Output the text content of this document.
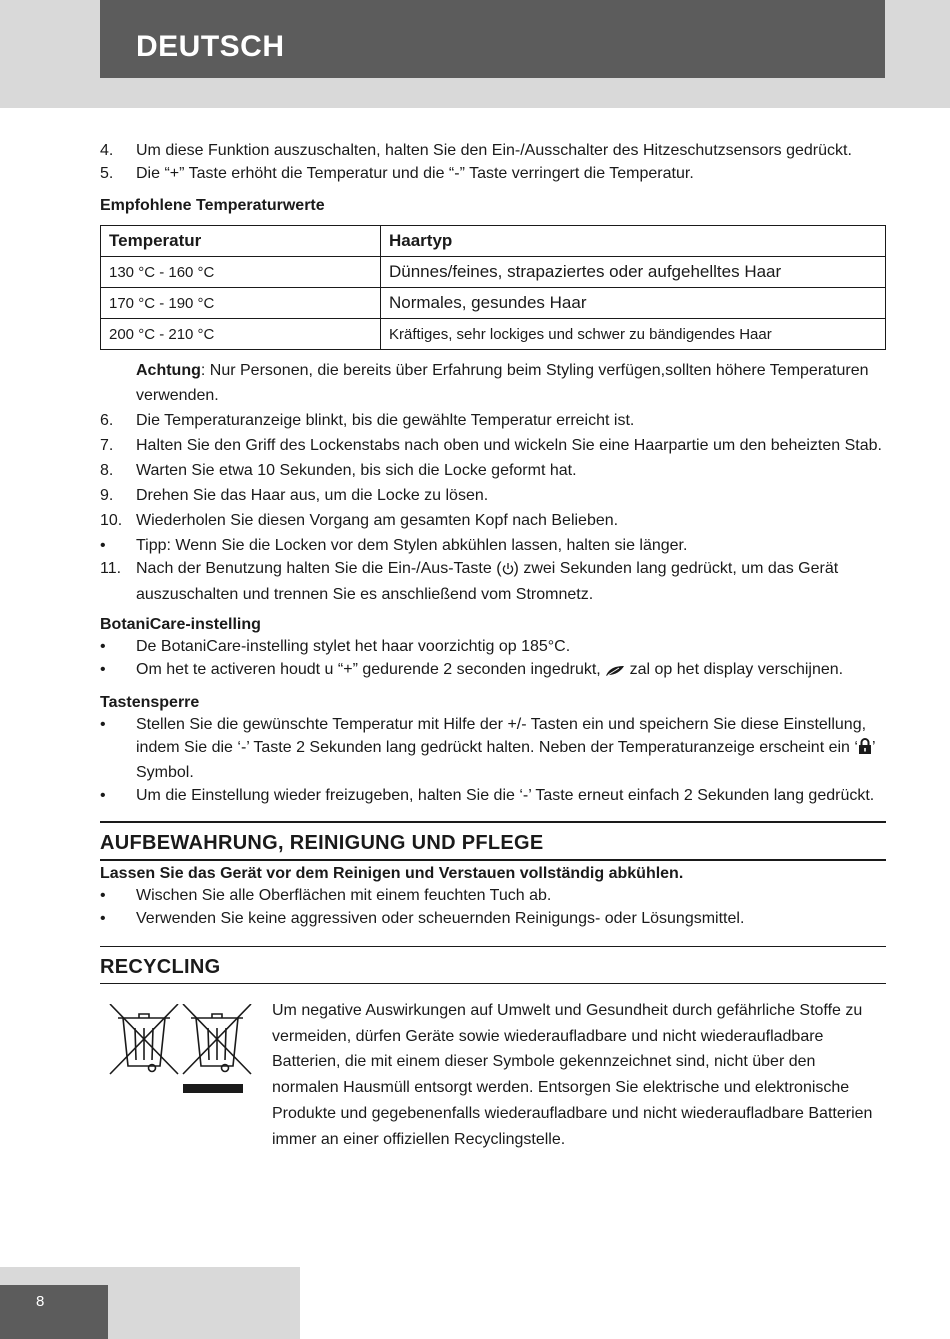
DEUTSCH
4. Um diese Funktion auszuschalten, halten Sie den Ein-/Ausschalter des Hitzeschutzsensors gedrückt.
5. Die “+” Taste erhöht die Temperatur und die “-” Taste verringert die Temperatur.
Empfohlene Temperaturwerte
Temperatur	Haartyp
130 °C - 160 °C	Dünnes/feines, strapaziertes oder aufgehelltes Haar
170 °C - 190 °C	Normales, gesundes Haar
200 °C - 210 °C	Kräftiges, sehr lockiges und schwer zu bändigendes Haar
Achtung: Nur Personen, die bereits über Erfahrung beim Styling verfügen,sollten höhere Temperaturen verwenden.
6. Die Temperaturanzeige blinkt, bis die gewählte Temperatur erreicht ist.
7. Halten Sie den Griff des Lockenstabs nach oben und wickeln Sie eine Haarpartie um den beheizten Stab.
8. Warten Sie etwa 10 Sekunden, bis sich die Locke geformt hat.
9. Drehen Sie das Haar aus, um die Locke zu lösen.
10. Wiederholen Sie diesen Vorgang am gesamten Kopf nach Belieben.
• Tipp: Wenn Sie die Locken vor dem Stylen abkühlen lassen, halten sie länger.
11. Nach der Benutzung halten Sie die Ein-/Aus-Taste ( ) zwei Sekunden lang gedrückt, um das Gerät auszuschalten und trennen Sie es anschließend vom Stromnetz.
BotaniCare-instelling
• De BotaniCare-instelling stylet het haar voorzichtig op 185°C.
• Om het te activeren houdt u “+” gedurende 2 seconden ingedrukt,  zal op het display verschijnen.
Tastensperre
• Stellen Sie die gewünschte Temperatur mit Hilfe der +/- Tasten ein und speichern Sie diese Einstellung, indem Sie die ‘-’ Taste 2 Sekunden lang gedrückt halten. Neben der Temperaturanzeige erscheint ein ‘ ’ Symbol.
• Um die Einstellung wieder freizugeben, halten Sie die ‘-’ Taste erneut einfach 2 Sekunden lang gedrückt.
AUFBEWAHRUNG, REINIGUNG UND PFLEGE
Lassen Sie das Gerät vor dem Reinigen und Verstauen vollständig abkühlen.
• Wischen Sie alle Oberflächen mit einem feuchten Tuch ab.
• Verwenden Sie keine aggressiven oder scheuernden Reinigungs- oder Lösungsmittel.
RECYCLING
Um negative Auswirkungen auf Umwelt und Gesundheit durch gefährliche Stoffe zu vermeiden, dürfen Geräte sowie wiederaufladbare und nicht wiederaufladbare Batterien, die mit einem dieser Symbole gekennzeichnet sind, nicht über den normalen Hausmüll entsorgt werden. Entsorgen Sie elektrische und elektronische Produkte und gegebenenfalls wiederaufladbare und nicht wiederaufladbare Batterien immer an einer offiziellen Recyclingstelle.
8
